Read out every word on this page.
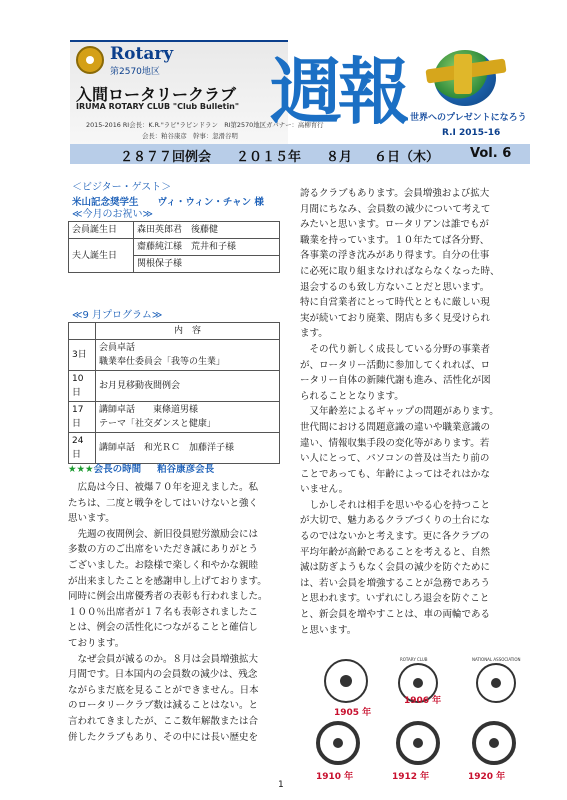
Rotary
第2570地区
入間ロータリークラブ
IRUMA ROTARY CLUB "Club Bulletin"
2015-2016 RI会長：K.R."ラビ"ラビンドラン　RI第2570地区ガバナー：高柳育行
会長：粕谷康彦　幹事：忽滑谷明
週報 世界へのプレゼントになろう
R.I 2015-16
２８７７回例会 ２０１５年 ８月 ６日（木） Vol. 6
＜ビジター・ゲスト＞
米山記念奨学生　　ヴィ・ウィン・チャン 様
≪今月のお祝い≫
会員誕生日	森田英郎君　後藤健
夫人誕生日	齋藤純江様　荒井和子様
	関根保子様
≪9 月プログラム≫
	内　容
3日	会員卓話
職業奉仕委員会「我等の生業」

10日	お月見移動夜間例会
17日	講師卓話　　東條道男様
テーマ「社交ダンスと健康」

24日	講師卓話　和光ＲＣ　加藤洋子様
★★★会長の時間 粕谷康彦会長

　広島は今日、被爆７０年を迎えました。私

たちは、二度と戦争をしてはいけないと強く

思います。

　先週の夜間例会、新旧役員慰労激励会には

多数の方のご出席をいただき誠にありがとう

ございました。お陰様で楽しく和やかな親睦

が出来ましたことを感謝申し上げております。

同時に例会出席優秀者の表彰も行われました。

１００％出席者が１７名も表彰されましたこ

とは、例会の活性化につながることと確信し

ております。

　なぜ会員が減るのか。８月は会員増強拡大

月間です。日本国内の会員数の減少は、残念

ながらまだ底を見ることができません。日本

のロータリークラブ数は減ることはない。と

言われてきましたが、ここ数年解散または合

併したクラブもあり、その中には長い歴史を

誇るクラブもあります。会員増強および拡大

月間にちなみ、会員数の減少について考えて

みたいと思います。ロータリアンは誰でもが

職業を持っています。１０年たてば各分野、

各事業の浮き沈みがあり得ます。自分の仕事

に必死に取り組まなければならなくなった時、

退会するのも致し方ないことだと思います。

特に自営業者にとって時代とともに厳しい現

実が続いており廃業、閉店も多く見受けられ

ます。

　その代り新しく成長している分野の事業者

が、ロータリー活動に参加してくれれば、ロ

ータリー自体の新陳代謝も進み、活性化が図

られることとなります。

　又年齢差によるギャップの問題があります。

世代間における問題意識の違いや職業意識の

違い、情報収集手段の変化等があります。若

い人にとって、パソコンの普及は当たり前の

ことであっても、年齢によってはそれはかな

いません。

　しかしそれは相手を思いやる心を持つこと

が大切で、魅力あるクラブづくりの土台にな

るのではないかと考えます。更に各クラブの

平均年齢が高齢であることを考えると、自然

減は防ぎようもなく会員の減少を防ぐために

は、若い会員を増強することが急務であろう

と思われます。いずれにしろ退会を防ぐこと

と、新会員を増やすことは、車の両輪である

と思います。

ROTARY CLUB	NATIONAL ASSOCIATION
1905 年
1906 年
1910 年	1912 年	1920 年
1
